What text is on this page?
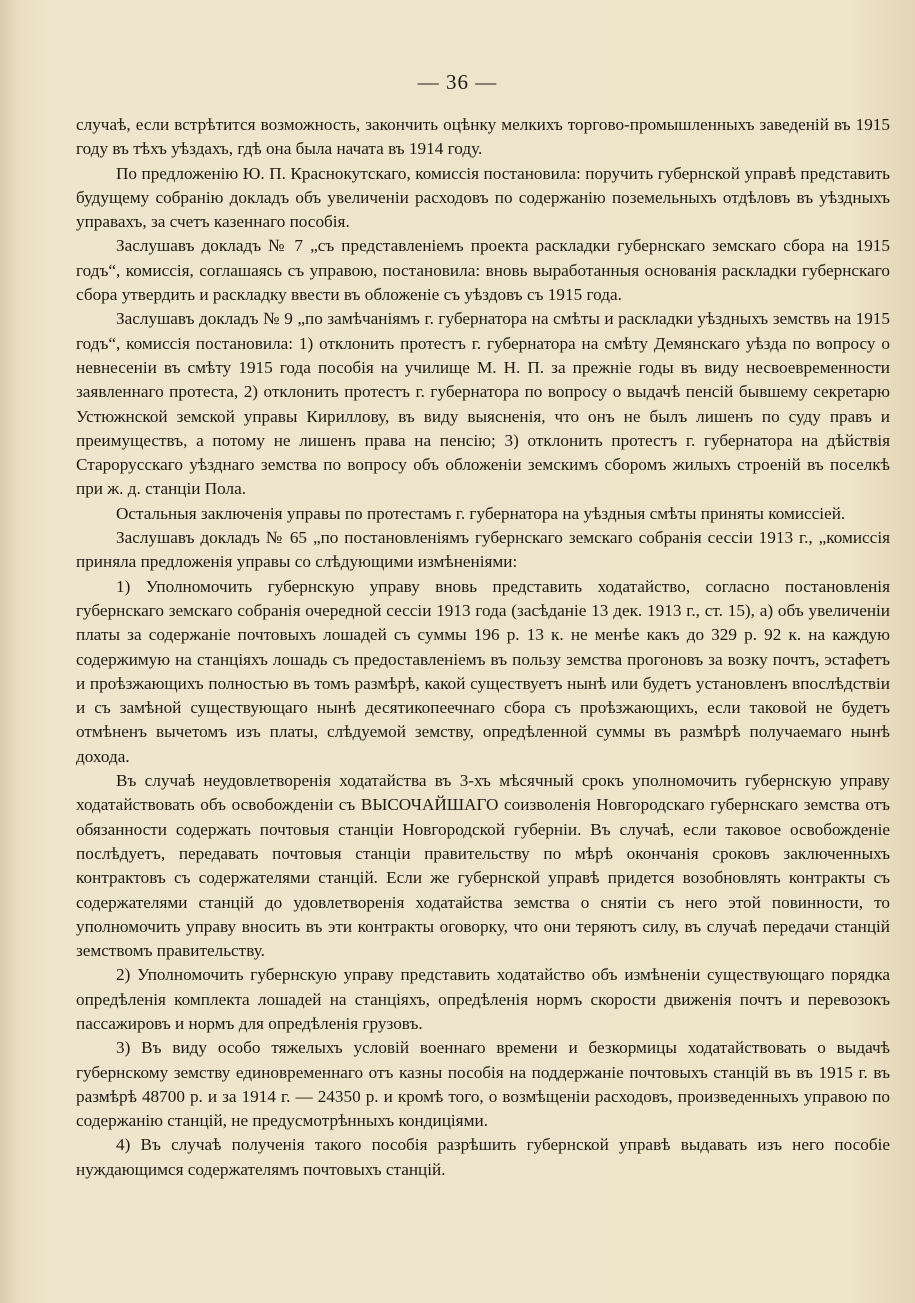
— 36 —

случаѣ, если встрѣтится возможность, закончить оцѣнку мелкихъ торгово-промышленныхъ заведеній въ 1915 году въ тѣхъ уѣздахъ, гдѣ она была начата въ 1914 году.

По предложенію Ю. П. Краснокутскаго, комиссія постановила: поручить губернской управѣ представить будущему собранію докладъ объ увеличеніи расходовъ по содержанію поземельныхъ отдѣловъ въ уѣздныхъ управахъ, за счетъ казеннаго пособія.

Заслушавъ докладъ № 7 „съ представленіемъ проекта раскладки губернскаго земскаго сбора на 1915 годъ“, комиссія, соглашаясь съ управою, постановила: вновь выработанныя основанія раскладки губернскаго сбора утвердить и раскладку ввести въ обложеніе съ уѣздовъ съ 1915 года.

Заслушавъ докладъ № 9 „по замѣчаніямъ г. губернатора на смѣты и раскладки уѣздныхъ земствъ на 1915 годъ“, комиссія постановила: 1) отклонить протестъ г. губернатора на смѣту Демянскаго уѣзда по вопросу о невнесеніи въ смѣту 1915 года пособія на училище М. Н. П. за прежніе годы въ виду несвоевременности заявленнаго протеста, 2) отклонить протестъ г. губернатора по вопросу о выдачѣ пенсій бывшему секретарю Устюжнской земской управы Кириллову, въ виду выясненія, что онъ не былъ лишенъ по суду правъ и преимуществъ, а потому не лишенъ права на пенсію; 3) отклонить протестъ г. губернатора на дѣйствія Старорусскаго уѣзднаго земства по вопросу объ обложеніи земскимъ сборомъ жилыхъ строеній въ поселкѣ при ж. д. станціи Пола.

Остальныя заключенія управы по протестамъ г. губернатора на уѣздныя смѣты приняты комиссіей.

Заслушавъ докладъ № 65 „по постановленіямъ губернскаго земскаго собранія сессіи 1913 г., „комиссія приняла предложенія управы со слѣдующими измѣненіями:

1) Уполномочить губернскую управу вновь представить ходатайство, согласно постановленія губернскаго земскаго собранія очередной сессіи 1913 года (засѣданіе 13 дек. 1913 г., ст. 15), а) объ увеличеніи платы за содержаніе почтовыхъ лошадей съ суммы 196 р. 13 к. не менѣе какъ до 329 р. 92 к. на каждую содержимую на станціяхъ лошадь съ предоставленіемъ въ пользу земства прогоновъ за возку почтъ, эстафетъ и проѣзжающихъ полностью въ томъ размѣрѣ, какой существуетъ нынѣ или будетъ установленъ впослѣдствіи и съ замѣной существующаго нынѣ десятикопеечнаго сбора съ проѣзжающихъ, если таковой не будетъ отмѣненъ вычетомъ изъ платы, слѣдуемой земству, опредѣленной суммы въ размѣрѣ получаемаго нынѣ дохода.

Въ случаѣ неудовлетворенія ходатайства въ 3-хъ мѣсячный срокъ уполномочить губернскую управу ходатайствовать объ освобожденіи съ ВЫСОЧАЙШАГО соизволенія Новгородскаго губернскаго земства отъ обязанности содержать почтовыя станціи Новгородской губерніи. Въ случаѣ, если таковое освобожденіе послѣдуетъ, передавать почтовыя станціи правительству по мѣрѣ окончанія сроковъ заключенныхъ контрактовъ съ содержателями станцій. Если же губернской управѣ придется возобновлять контракты съ содержателями станцій до удовлетворенія ходатайства земства о снятіи съ него этой повинности, то уполномочить управу вносить въ эти контракты оговорку, что они теряютъ силу, въ случаѣ передачи станцій земствомъ правительству.

2) Уполномочить губернскую управу представить ходатайство объ измѣненіи существующаго порядка опредѣленія комплекта лошадей на станціяхъ, опредѣленія нормъ скорости движенія почтъ и перевозокъ пассажировъ и нормъ для опредѣленія грузовъ.

3) Въ виду особо тяжелыхъ условій военнаго времени и безкормицы ходатайствовать о выдачѣ губернскому земству единовременнаго отъ казны пособія на поддержаніе почтовыхъ станцій въ въ 1915 г. въ размѣрѣ 48700 р. и за 1914 г. — 24350 р. и кромѣ того, о возмѣщеніи расходовъ, произведенныхъ управою по содержанію станцій, не предусмотрѣнныхъ кондиціями.

4) Въ случаѣ полученія такого пособія разрѣшить губернской управѣ выдавать изъ него пособіе нуждающимся содержателямъ почтовыхъ станцій.
